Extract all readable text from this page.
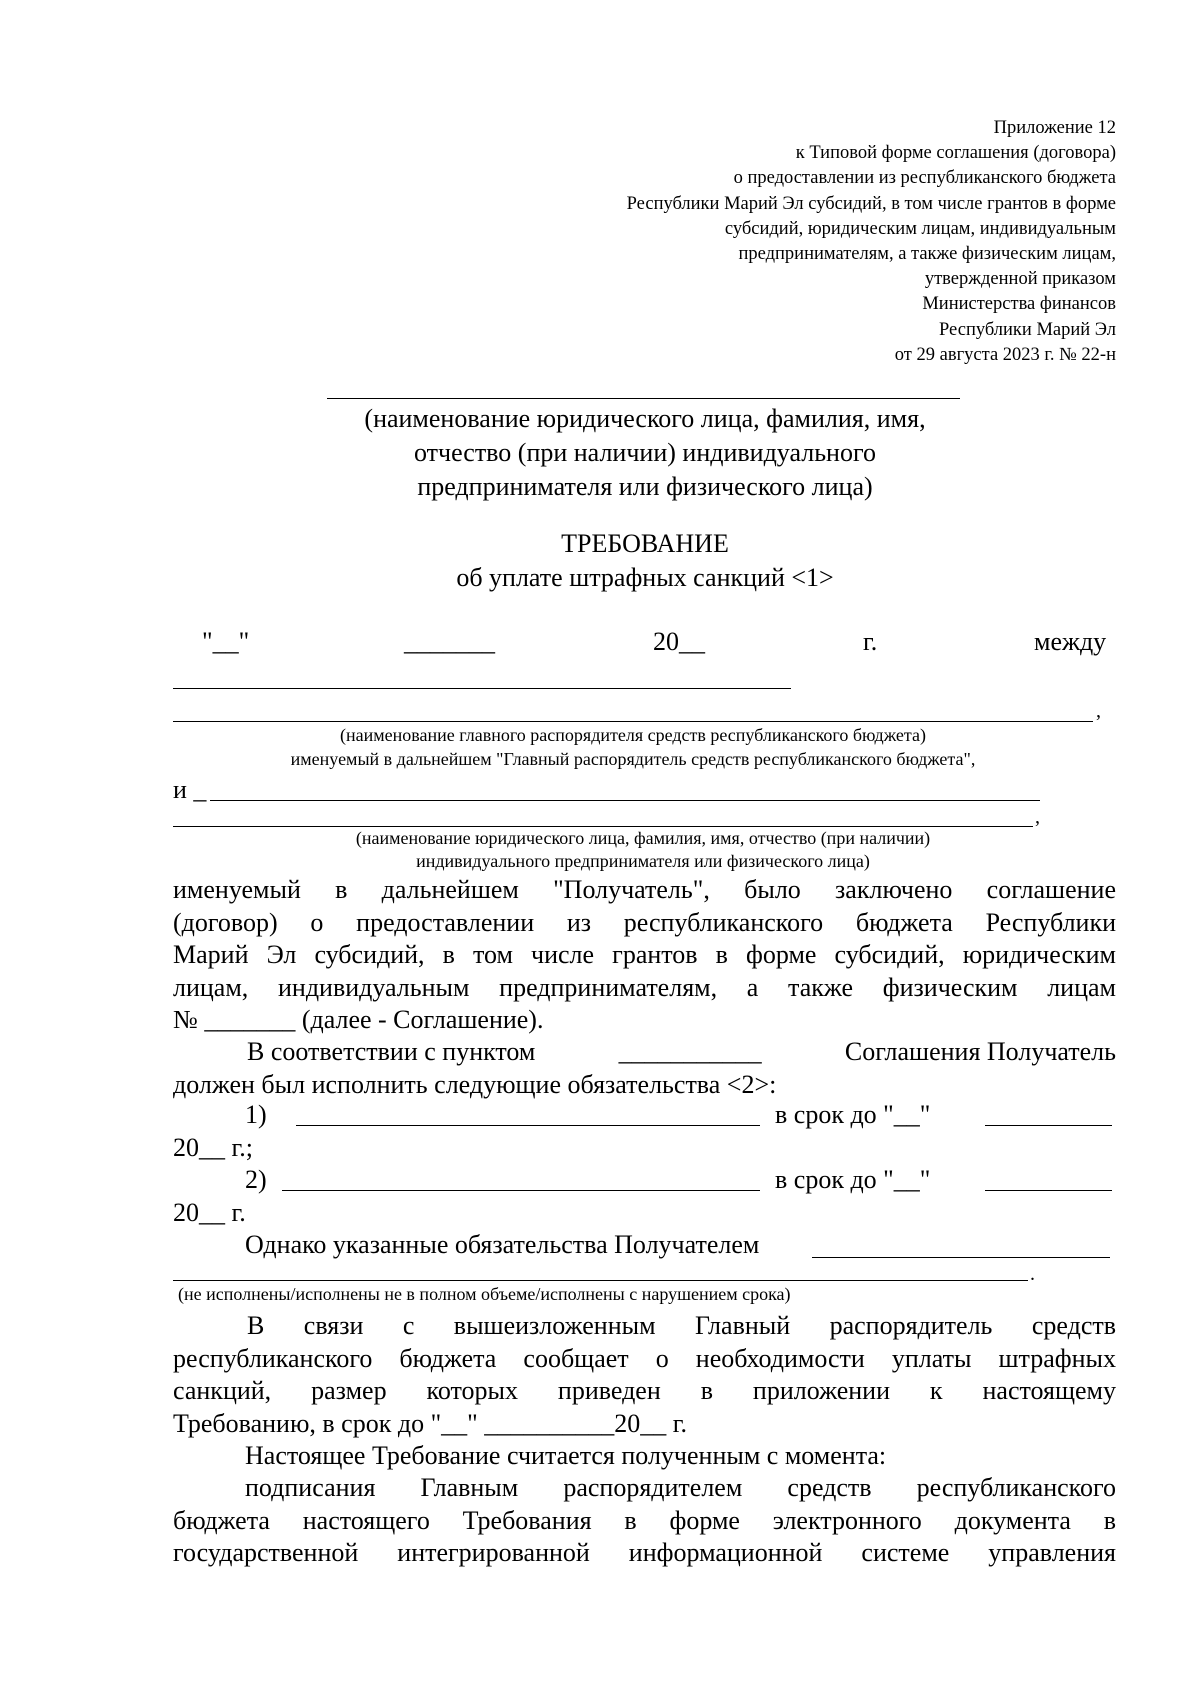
Приложение 12
к Типовой форме соглашения (договора)
о предоставлении из республиканского бюджета
Республики Марий Эл субсидий, в том числе грантов в форме
субсидий, юридическим лицам, индивидуальным
предпринимателям, а также физическим лицам,
утвержденной приказом
Министерства финансов
Республики Марий Эл
от 29 августа 2023 г. № 22-н
(наименование юридического лица, фамилия, имя,
отчество (при наличии) индивидуального
предпринимателя или физического лица)
ТРЕБОВАНИЕ
об уплате штрафных санкций <1>
"__"	_______	20__	г.	между
,
(наименование главного распорядителя средств республиканского бюджета)
именуемый в дальнейшем "Главный распорядитель средств республиканского бюджета",
и _
,
(наименование юридического лица, фамилия, имя, отчество (при наличии)
индивидуального предпринимателя или физического лица)
именуемый в дальнейшем "Получатель", было заключено соглашение
(договор) о предоставлении из республиканского бюджета Республики
Марий Эл субсидий, в том числе грантов в форме субсидий, юридическим
лицам, индивидуальным предпринимателям, а также физическим лицам
№ _______ (далее - Соглашение).
В соответствии с пунктом	___________	Соглашения Получатель
должен был исполнить следующие обязательства <2>:
1)	в срок до "__"
20__ г.;
2)	в срок до "__"
20__ г.
Однако указанные обязательства Получателем
.
(не исполнены/исполнены не в полном объеме/исполнены с нарушением срока)
В связи с вышеизложенным Главный распорядитель средств
республиканского бюджета сообщает о необходимости уплаты штрафных
санкций, размер которых приведен в приложении к настоящему
Требованию, в срок до "__" __________20__ г.
Настоящее Требование считается полученным с момента:
подписания Главным распорядителем средств республиканского
бюджета настоящего Требования в форме электронного документа в
государственной интегрированной информационной системе управления
